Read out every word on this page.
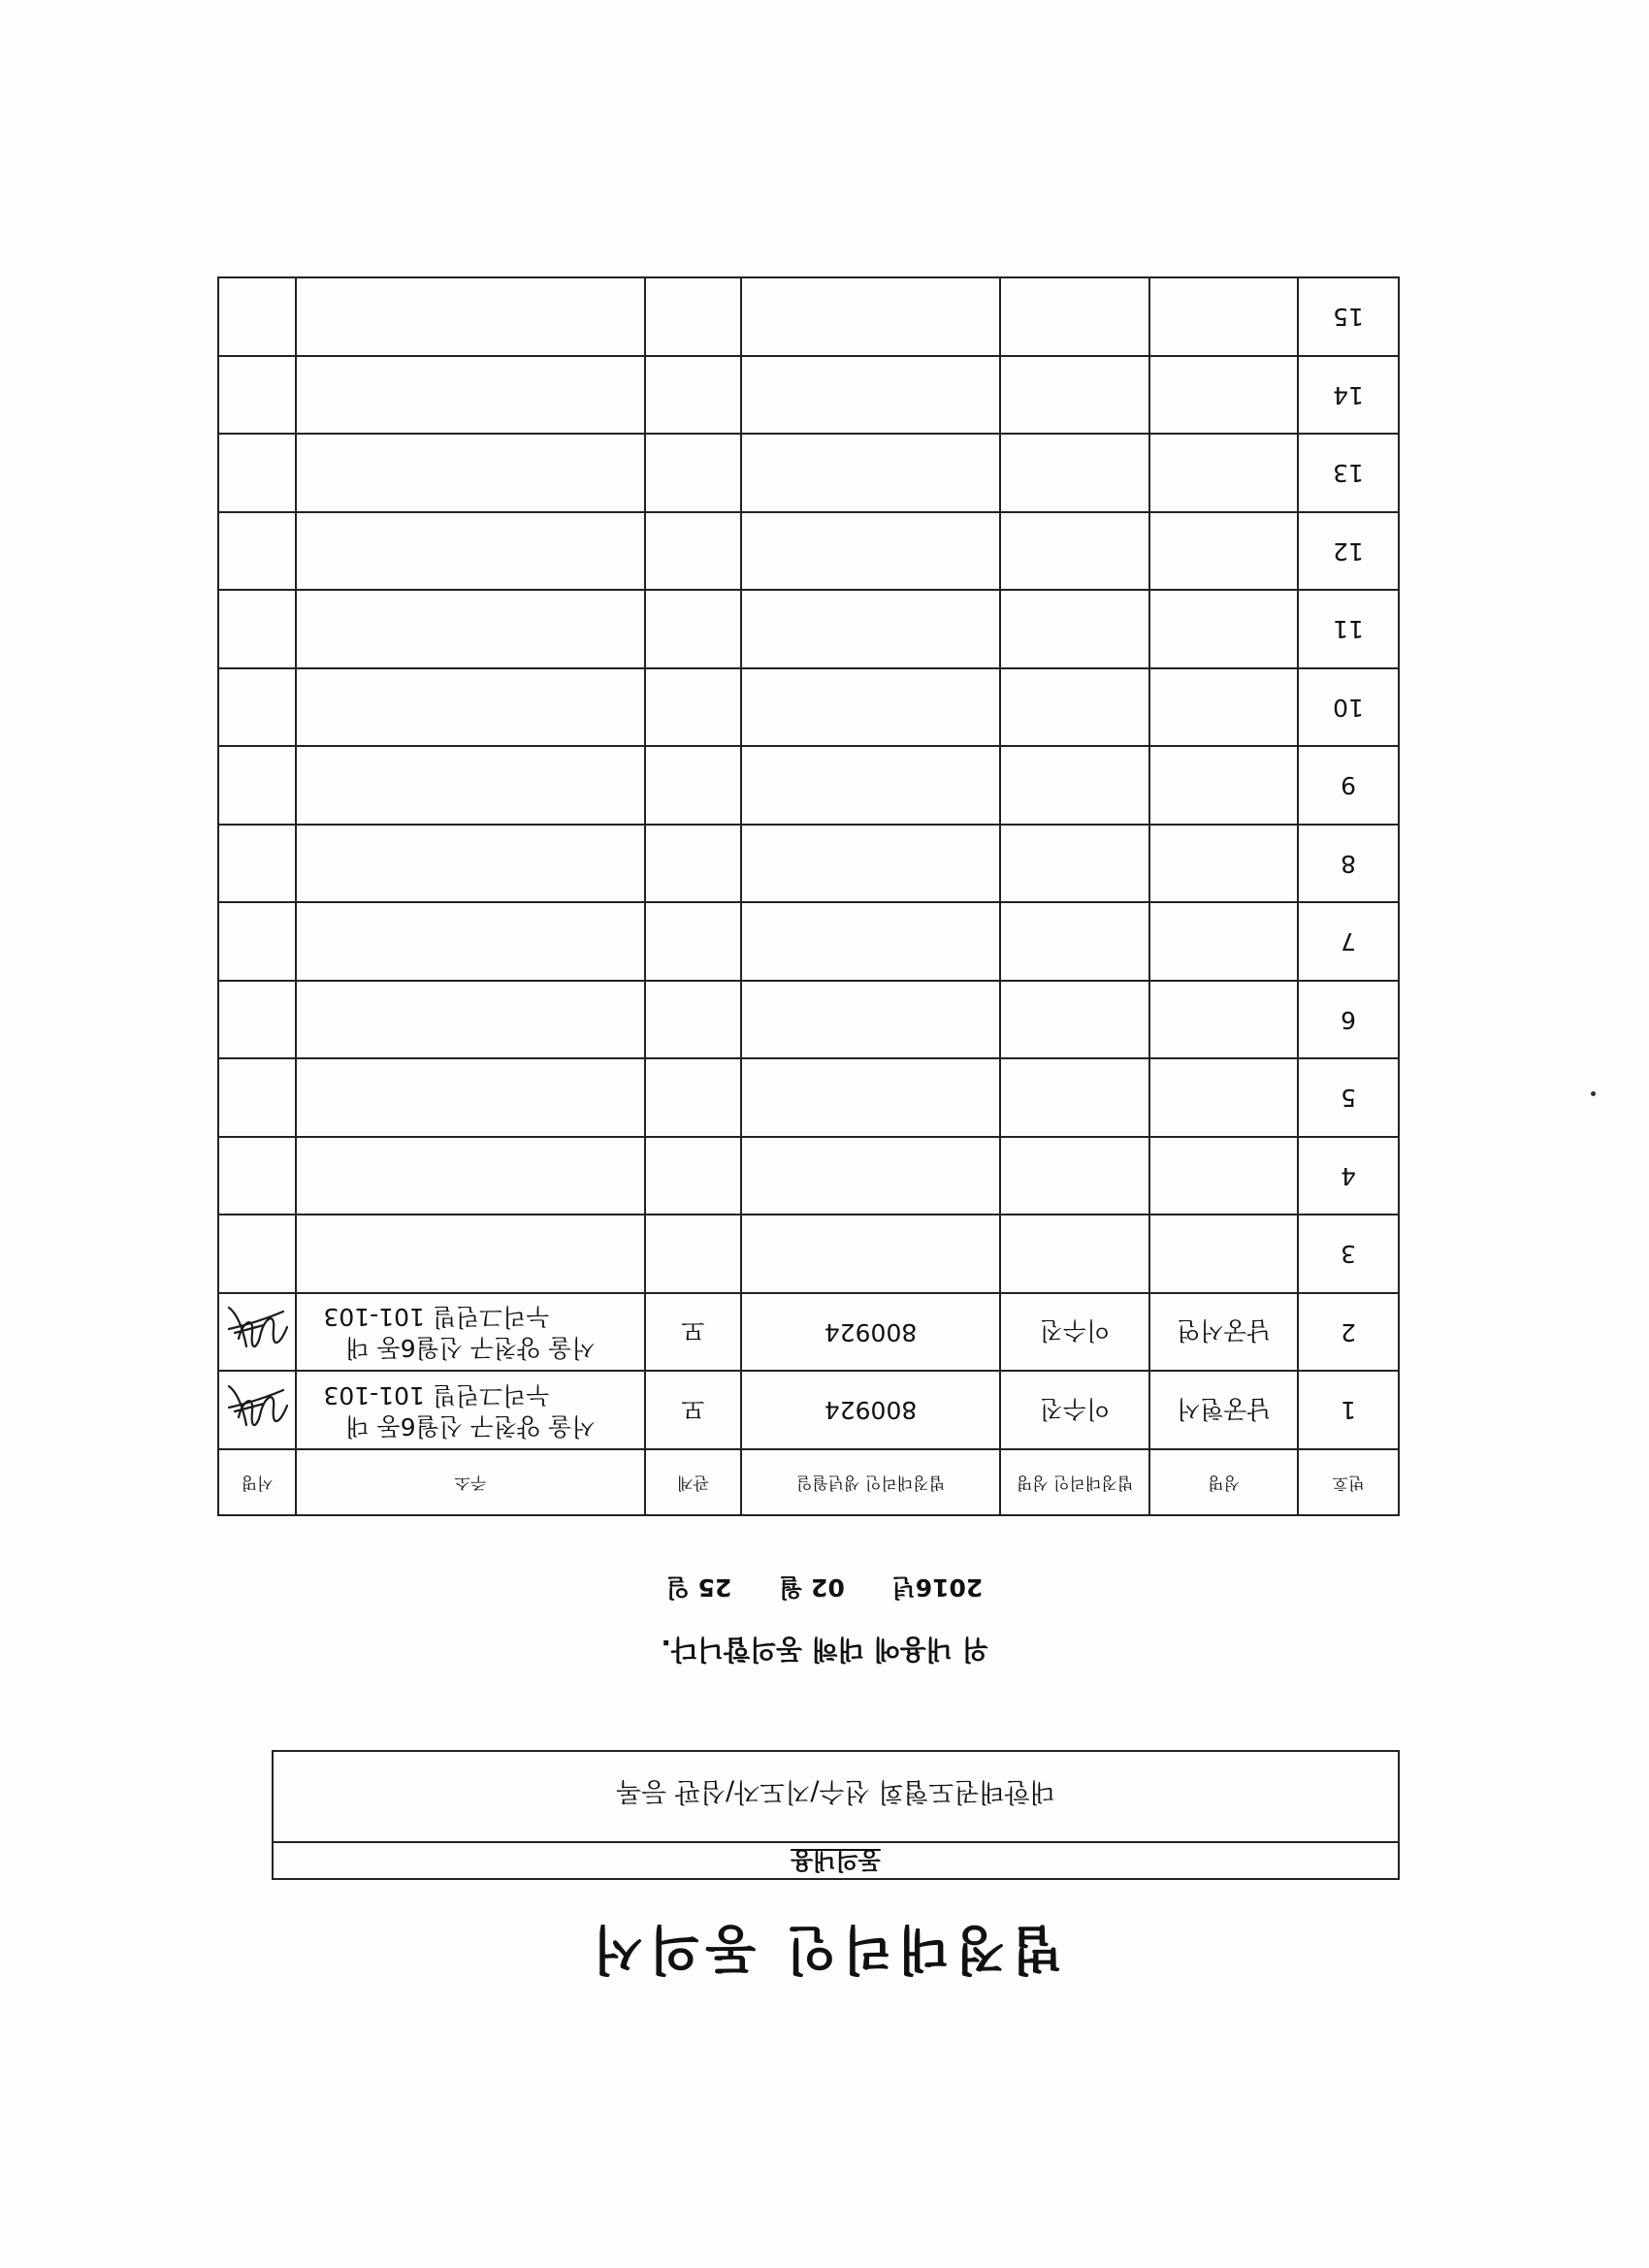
법정대리인 동의서
동의내용
대한태권도협회 선수/지도자/심판 등록
위 내용에 대해 동의합니다.
2016년 02 월 25 일
번호	성명	법정대리인 성명	법정대리인 생년월일	관계	주소	서명
1	남궁현서	이수진	800924	모	서울 양천구 신월6동 대
누리그린빌 101-103

2	남궁서연	이수진	800924	모	서울 양천구 신월6동 대
누리그린빌 101-103

3						
4						
5						
6						
7						
8						
9						
10						
11						
12						
13						
14						
15						
